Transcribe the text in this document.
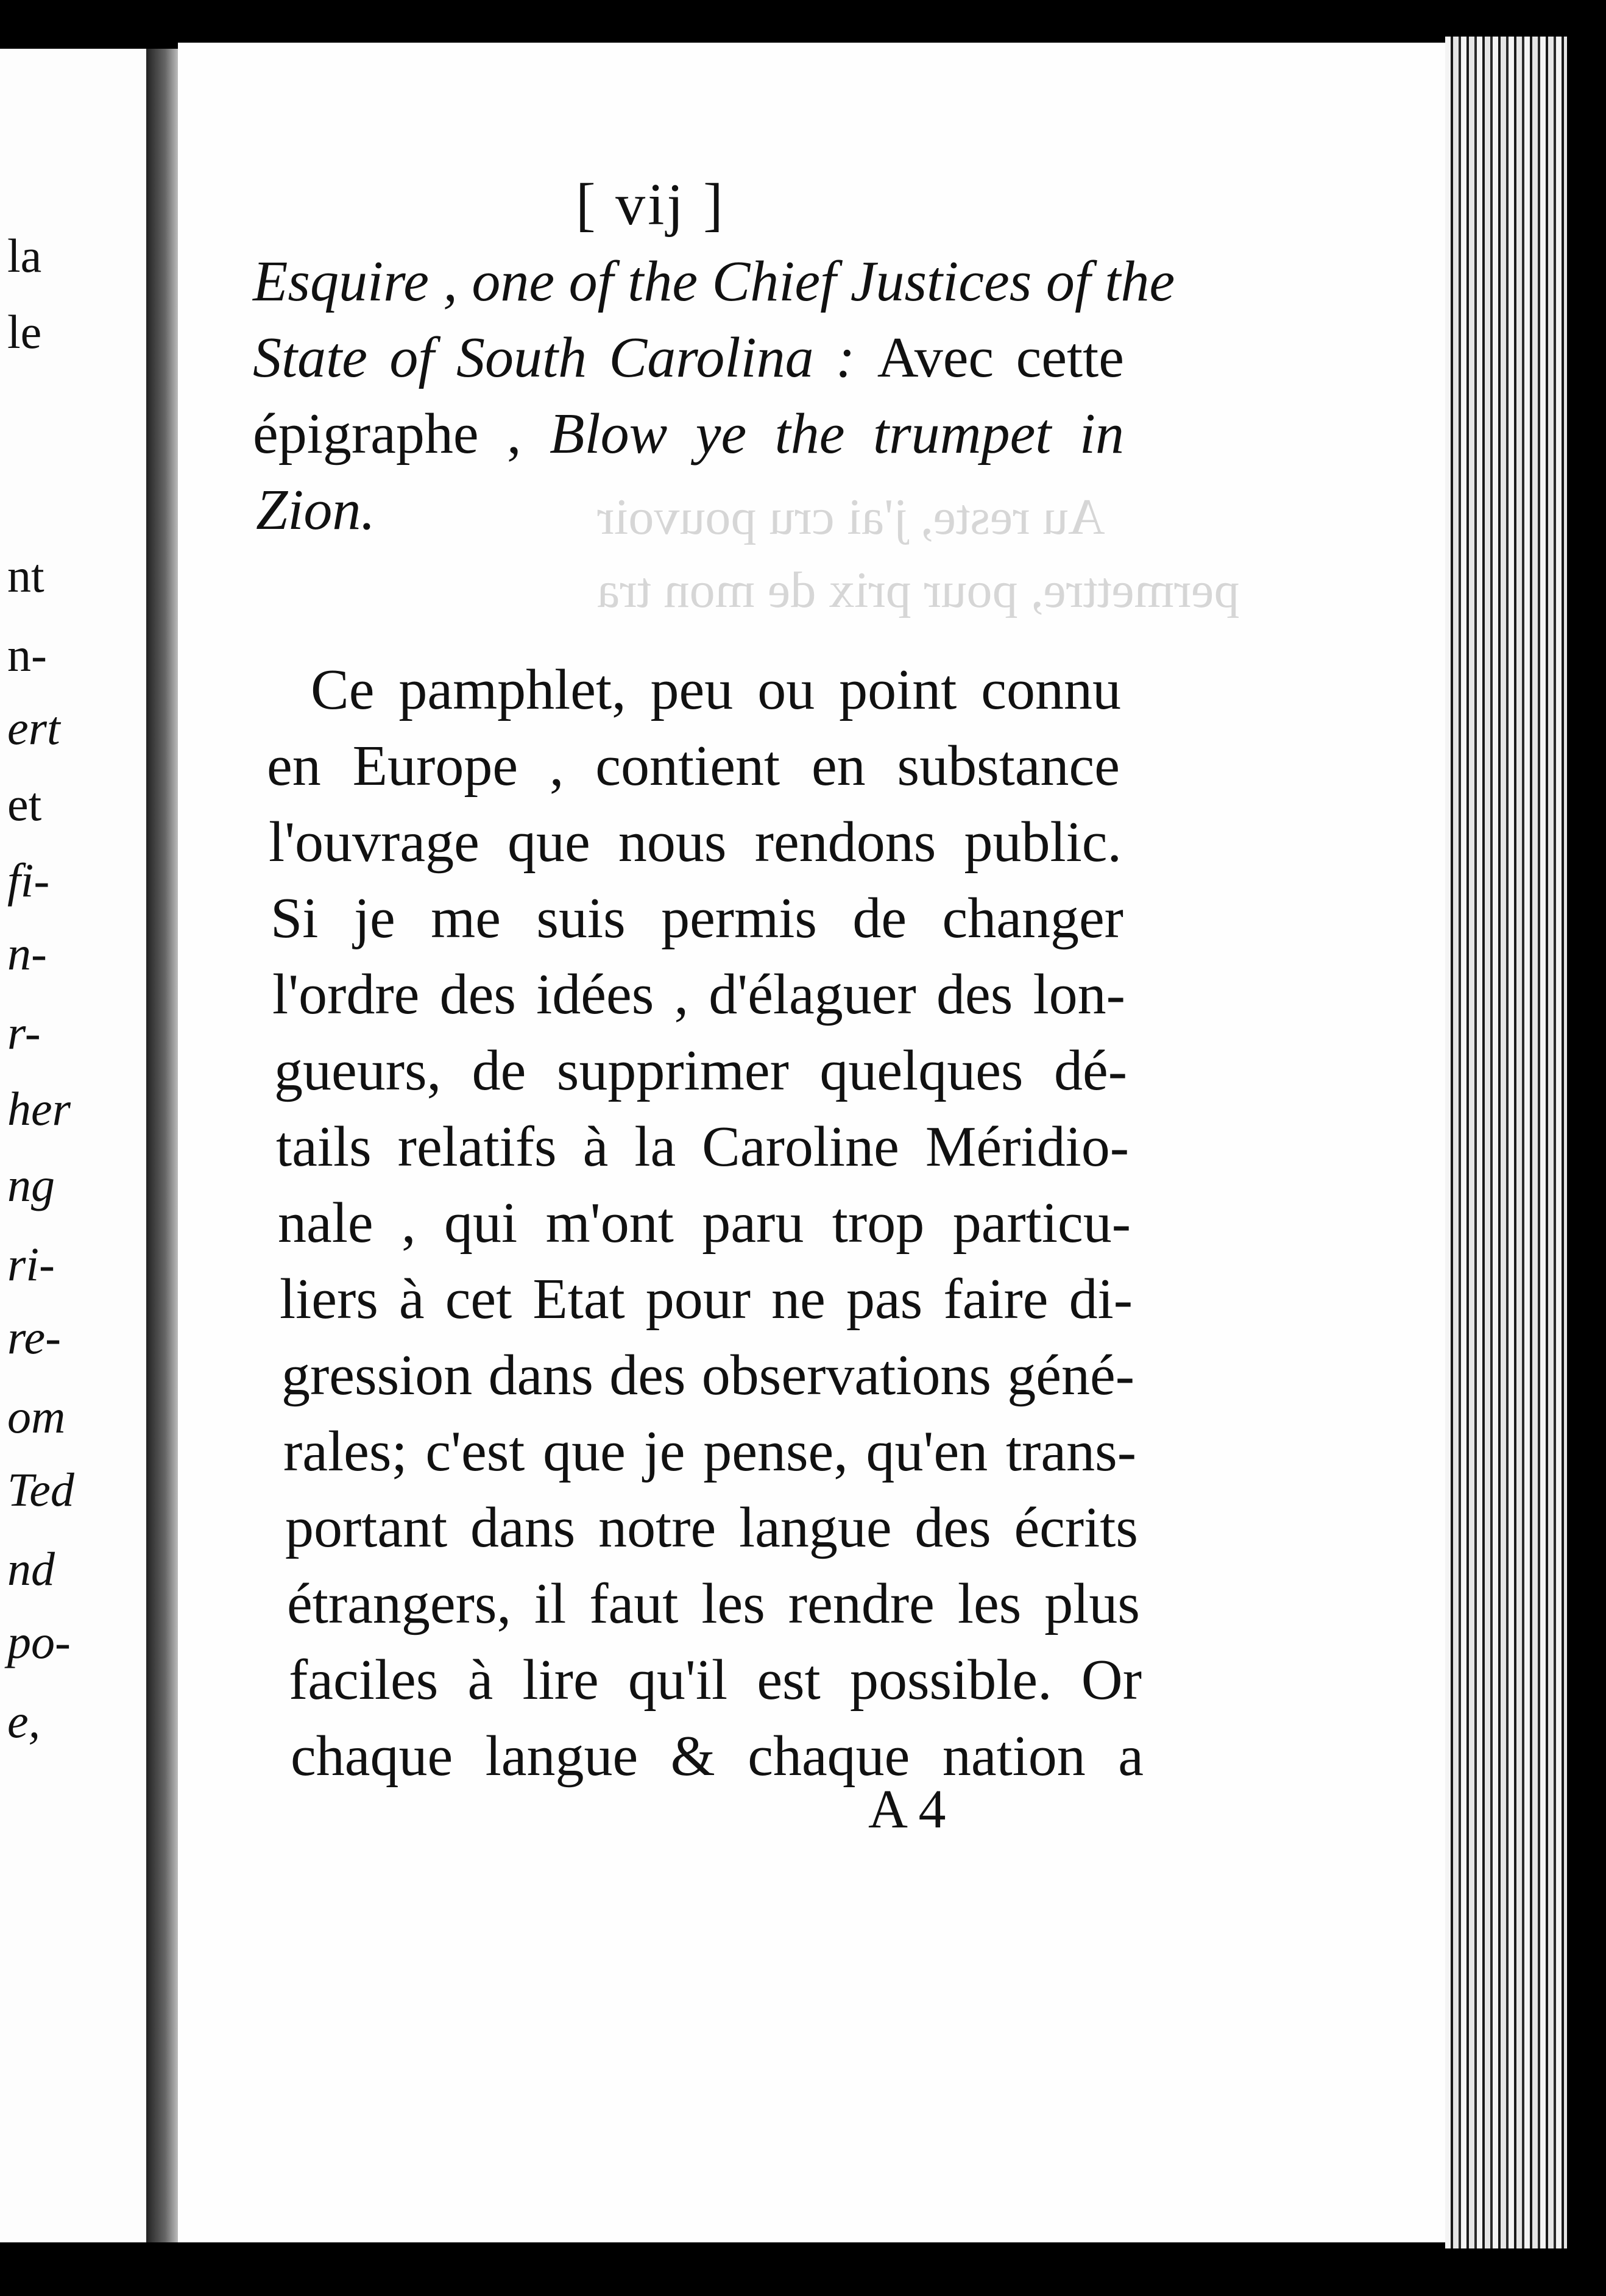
la
le
nt
n-
ert
et
fi-
n-
r-
her
ng
ri-
re-
om
Ted
nd
po-
e,
Au reste, j'ai cru pouvoir
permettre, pour prix de mon tra
[ vij ]
Esquire , one of the Chief Justices of the
State of South Carolina : Avec cette
épigraphe , Blow ye the trumpet in
Zion.
Ce pamphlet, peu ou point connu
en Europe , contient en substance
l'ouvrage que nous rendons public.
Si je me suis permis de changer
l'ordre des idées , d'élaguer des lon-
gueurs, de supprimer quelques dé-
tails relatifs à la Caroline Méridio-
nale , qui m'ont paru trop particu-
liers à cet Etat pour ne pas faire di-
gression dans des observations géné-
rales; c'est que je pense, qu'en trans-
portant dans notre langue des écrits
étrangers, il faut les rendre les plus
faciles à lire qu'il est possible. Or
chaque langue & chaque nation a
A 4
